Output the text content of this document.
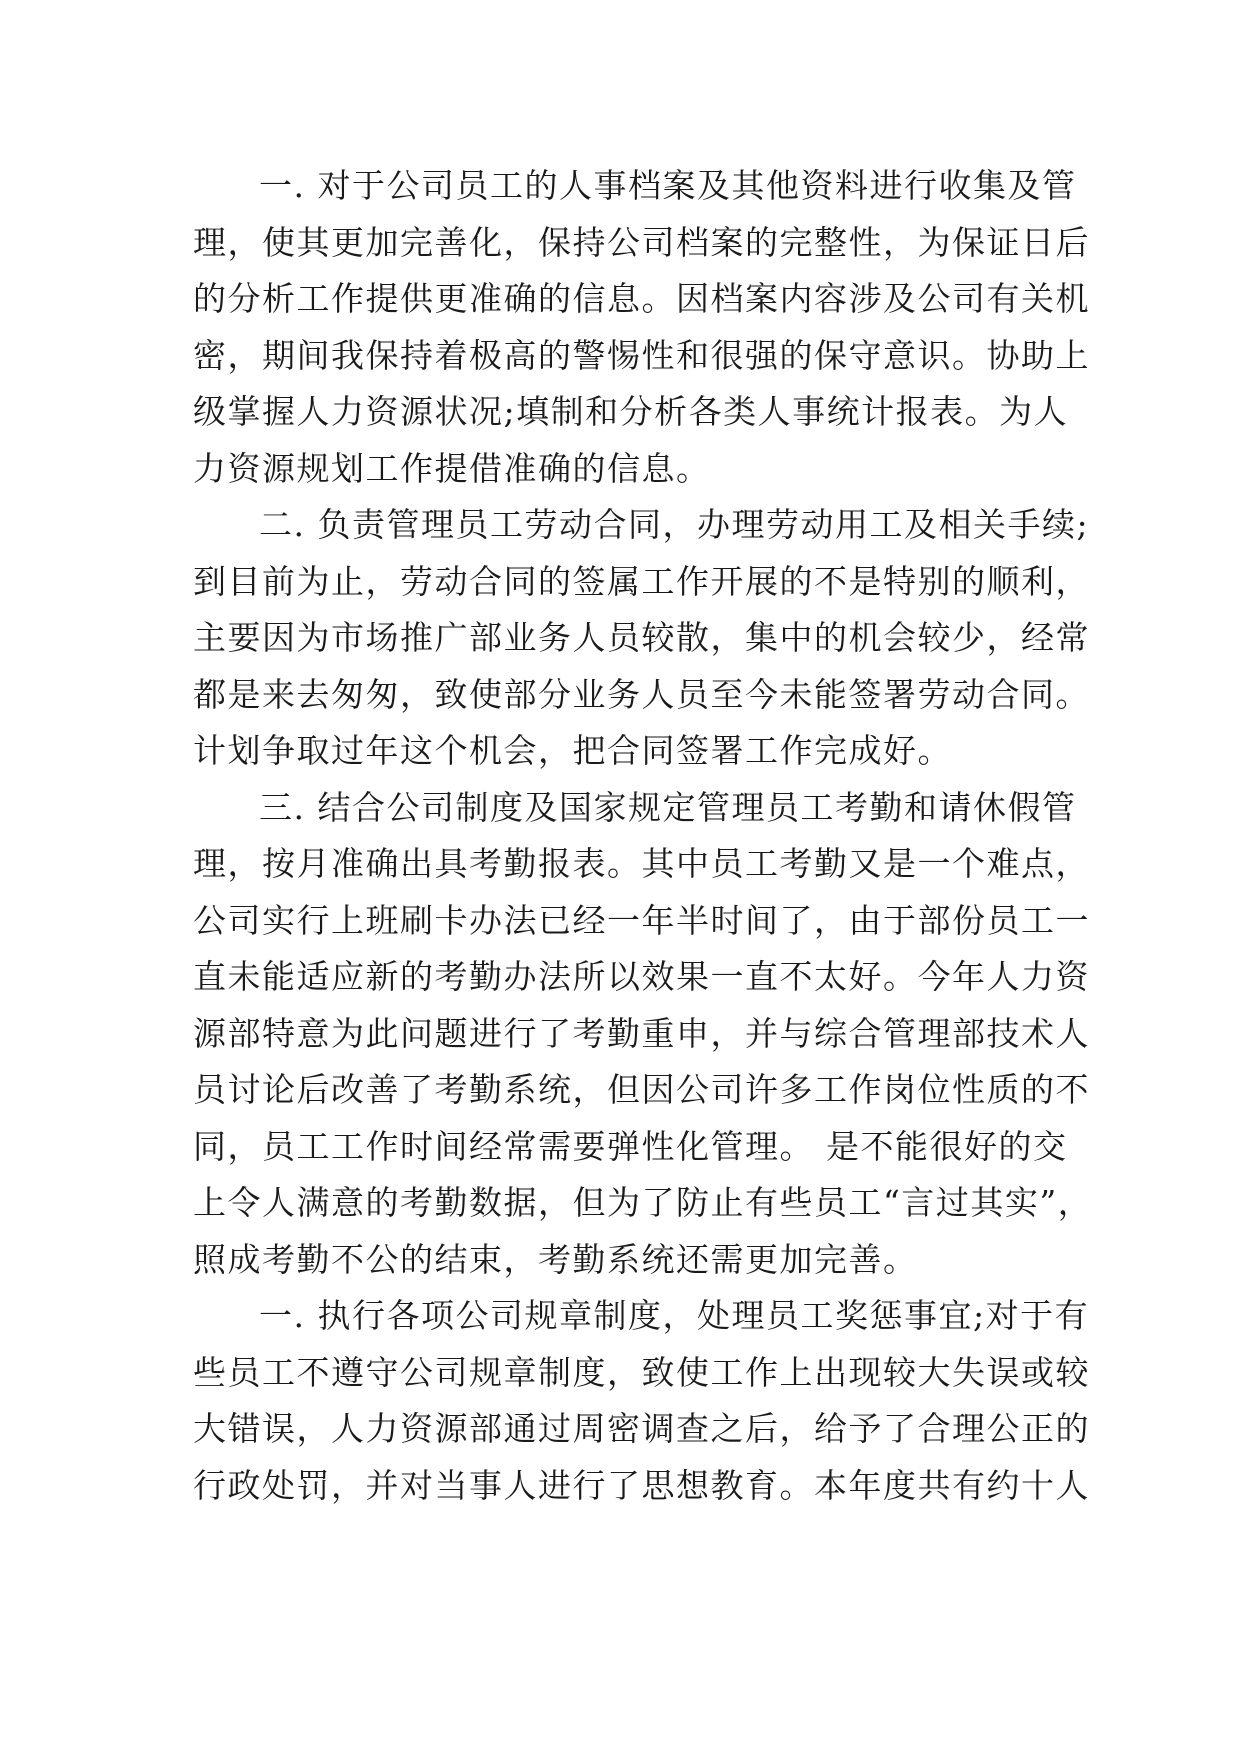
一. 对于公司员工的人事档案及其他资料进行收集及管
理，使其更加完善化，保持公司档案的完整性，为保证日后
的分析工作提供更准确的信息。因档案内容涉及公司有关机
密，期间我保持着极高的警惕性和很强的保守意识。协助上
级掌握人力资源状况;填制和分析各类人事统计报表。为人
力资源规划工作提借准确的信息。

二. 负责管理员工劳动合同，办理劳动用工及相关手续;
到目前为止，劳动合同的签属工作开展的不是特别的顺利，
主要因为市场推广部业务人员较散，集中的机会较少，经常
都是来去匆匆，致使部分业务人员至今未能签署劳动合同。
计划争取过年这个机会，把合同签署工作完成好。

三. 结合公司制度及国家规定管理员工考勤和请休假管
理，按月准确出具考勤报表。其中员工考勤又是一个难点，
公司实行上班刷卡办法已经一年半时间了，由于部份员工一
直未能适应新的考勤办法所以效果一直不太好。今年人力资
源部特意为此问题进行了考勤重申，并与综合管理部技术人
员讨论后改善了考勤系统，但因公司许多工作岗位性质的不
同，员工工作时间经常需要弹性化管理。 是不能很好的交
上令人满意的考勤数据，但为了防止有些员工“言过其实”，
照成考勤不公的结束，考勤系统还需更加完善。

一. 执行各项公司规章制度，处理员工奖惩事宜;对于有
些员工不遵守公司规章制度，致使工作上出现较大失误或较
大错误，人力资源部通过周密调查之后，给予了合理公正的
行政处罚，并对当事人进行了思想教育。本年度共有约十人
